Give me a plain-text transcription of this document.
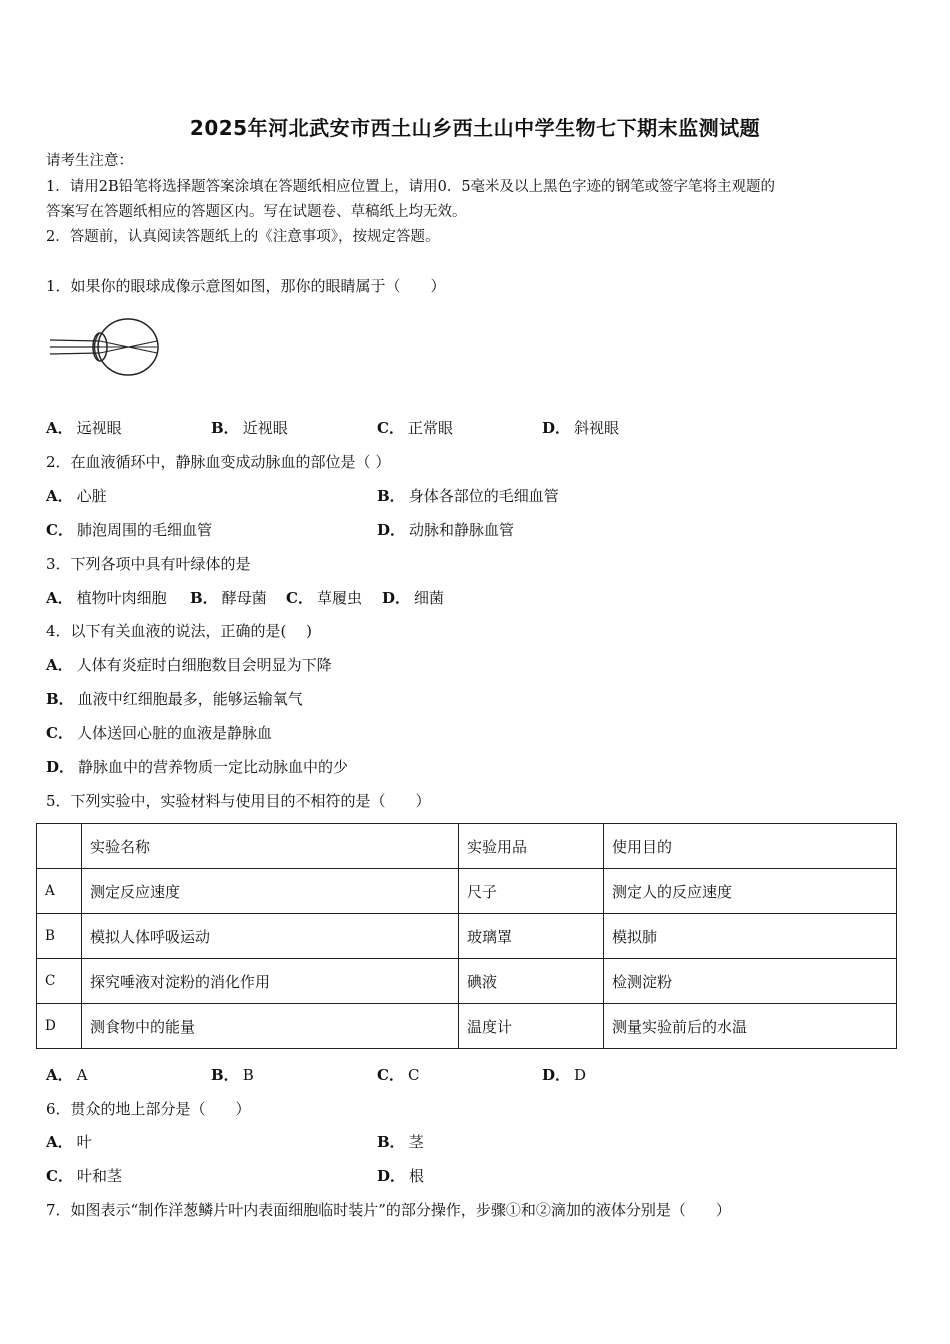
2025年河北武安市西土山乡西土山中学生物七下期末监测试题
请考生注意：
1．请用2B铅笔将选择题答案涂填在答题纸相应位置上，请用0．5毫米及以上黑色字迹的钢笔或签字笔将主观题的
答案写在答题纸相应的答题区内。写在试题卷、草稿纸上均无效。
2．答题前，认真阅读答题纸上的《注意事项》，按规定答题。
1．如果你的眼球成像示意图如图，那你的眼睛属于（　　）
A． 远视眼	B． 近视眼	C． 正常眼	D． 斜视眼
2．在血液循环中，静脉血变成动脉血的部位是（ ）
A． 心脏	B． 身体各部位的毛细血管
C． 肺泡周围的毛细血管	D． 动脉和静脉血管
3．下列各项中具有叶绿体的是
A． 植物叶肉细胞 B． 酵母菌 C． 草履虫 D． 细菌
4．以下有关血液的说法，正确的是(　 )
A． 人体有炎症时白细胞数目会明显为下降
B． 血液中红细胞最多，能够运输氧气
C． 人体送回心脏的血液是静脉血
D． 静脉血中的营养物质一定比动脉血中的少
5．下列实验中，实验材料与使用目的不相符的是（　　）
	实验名称	实验用品	使用目的
A	测定反应速度	尺子	测定人的反应速度
B	模拟人体呼吸运动	玻璃罩	模拟肺
C	探究唾液对淀粉的消化作用	碘液	检测淀粉
D	测食物中的能量	温度计	测量实验前后的水温
A． A	B． B	C． C	D． D
6．贯众的地上部分是（　　）
A． 叶	B． 茎
C． 叶和茎	D． 根
7．如图表示“制作洋葱鳞片叶内表面细胞临时装片”的部分操作，步骤①和②滴加的液体分别是（　　）
